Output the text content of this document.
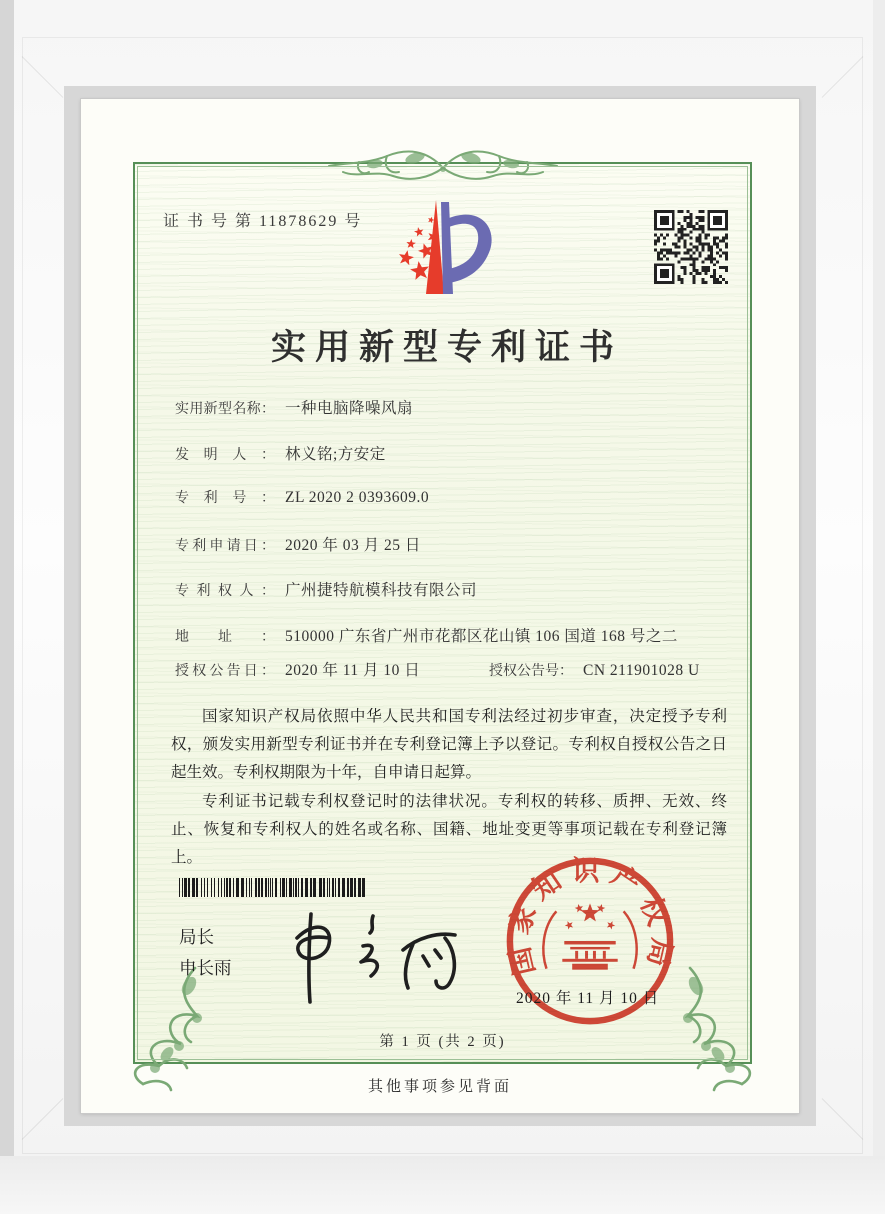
证 书 号 第 11878629 号
实用新型专利证书
实用新型名称： 一种电脑降噪风扇
发明人： 林义铭;方安定
专利号： ZL 2020 2 0393609.0
专利申请日： 2020 年 03 月 25 日
专利权人： 广州捷特航模科技有限公司
地址： 510000 广东省广州市花都区花山镇 106 国道 168 号之二
授权公告日： 2020 年 11 月 10 日	授权公告号： CN 211901028 U

国家知识产权局依照中华人民共和国专利法经过初步审查，决定授予专利权，颁发实用新型专利证书并在专利登记簿上予以登记。专利权自授权公告之日起生效。专利权期限为十年，自申请日起算。

专利证书记载专利权登记时的法律状况。专利权的转移、质押、无效、终止、恢复和专利权人的姓名或名称、国籍、地址变更等事项记载在专利登记簿上。

局长
申长雨	国家知识产权局
2020 年 11 月 10 日
第 1 页 (共 2 页)
其他事项参见背面
